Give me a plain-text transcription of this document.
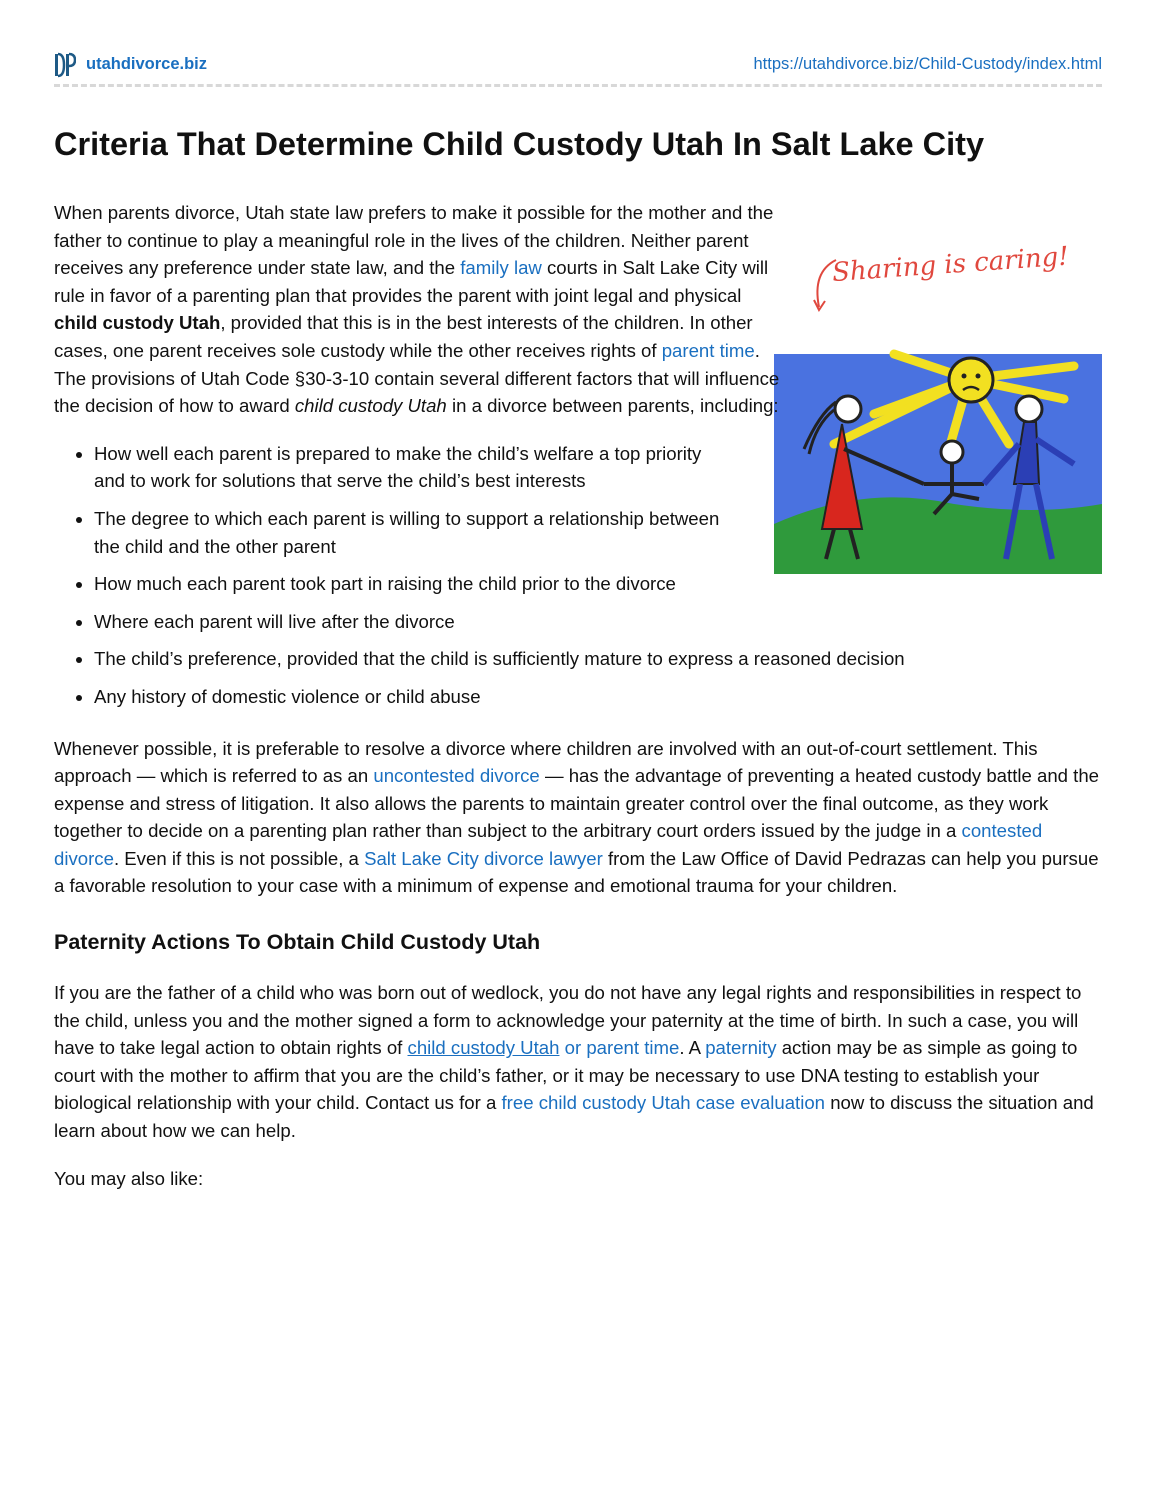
utahdivorce.biz	https://utahdivorce.biz/Child-Custody/index.html
Criteria That Determine Child Custody Utah In Salt Lake City
Sharing is caring!

When parents divorce, Utah state law prefers to make it possible for the mother and the father to continue to play a meaningful role in the lives of the children. Neither parent receives any preference under state law, and the family law courts in Salt Lake City will rule in favor of a parenting plan that provides the parent with joint legal and physical child custody Utah, provided that this is in the best interests of the children. In other cases, one parent receives sole custody while the other receives rights of parent time. The provisions of Utah Code §30-3-10 contain several different factors that will influence the decision of how to award child custody Utah in a divorce between parents, including:

• How well each parent is prepared to make the child’s welfare a top priority and to work for solutions that serve the child’s best interests
• The degree to which each parent is willing to support a relationship between the child and the other parent
• How much each parent took part in raising the child prior to the divorce
• Where each parent will live after the divorce
• The child’s preference, provided that the child is sufficiently mature to express a reasoned decision
• Any history of domestic violence or child abuse

Whenever possible, it is preferable to resolve a divorce where children are involved with an out-of-court settlement. This approach — which is referred to as an uncontested divorce — has the advantage of preventing a heated custody battle and the expense and stress of litigation. It also allows the parents to maintain greater control over the final outcome, as they work together to decide on a parenting plan rather than subject to the arbitrary court orders issued by the judge in a contested divorce. Even if this is not possible, a Salt Lake City divorce lawyer from the Law Office of David Pedrazas can help you pursue a favorable resolution to your case with a minimum of expense and emotional trauma for your children.

Paternity Actions To Obtain Child Custody Utah

If you are the father of a child who was born out of wedlock, you do not have any legal rights and responsibilities in respect to the child, unless you and the mother signed a form to acknowledge your paternity at the time of birth. In such a case, you will have to take legal action to obtain rights of child custody Utah or parent time. A paternity action may be as simple as going to court with the mother to affirm that you are the child’s father, or it may be necessary to use DNA testing to establish your biological relationship with your child. Contact us for a free child custody Utah case evaluation now to discuss the situation and learn about how we can help.

You may also like:
